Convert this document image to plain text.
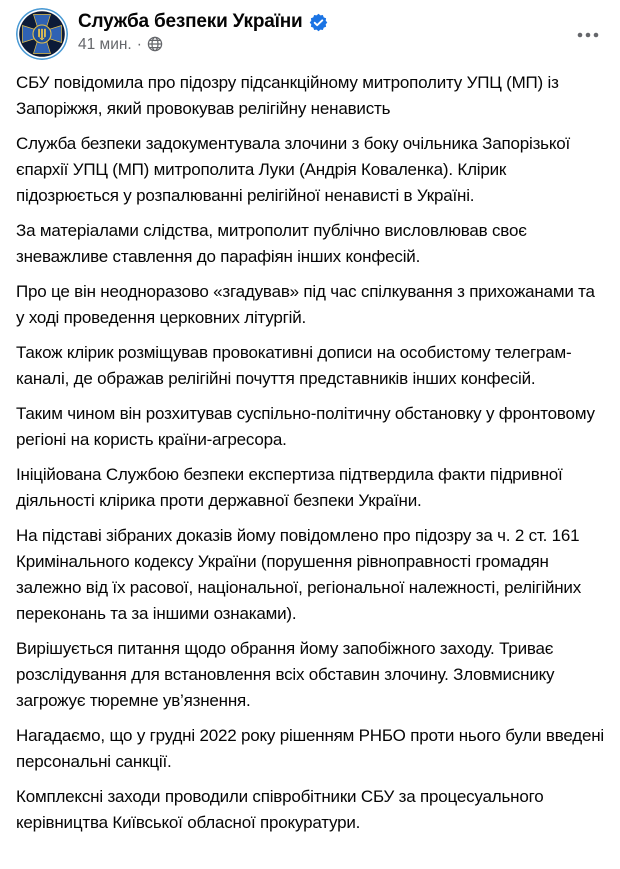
Служба безпеки України
41 мин. ·

СБУ повідомила про підозру підсанкційному митрополиту УПЦ (МП) із Запоріжжя, який провокував релігійну ненависть

Служба безпеки задокументувала злочини з боку очільника Запорізької єпархії УПЦ (МП) митрополита Луки (Андрія Коваленка). Клірик підозрюється у розпалюванні релігійної ненависті в Україні.

За матеріалами слідства, митрополит публічно висловлював своє зневажливе ставлення до парафіян інших конфесій.

Про це він неодноразово «згадував» під час спілкування з прихожанами та у ході проведення церковних літургій.

Також клірик розміщував провокативні дописи на особистому телеграм-каналі, де ображав релігійні почуття представників інших конфесій.

Таким чином він розхитував суспільно-політичну обстановку у фронтовому регіоні на користь країни-агресора.

Ініційована Службою безпеки експертиза підтвердила факти підривної діяльності клірика проти державної безпеки України.

На підставі зібраних доказів йому повідомлено про підозру за ч. 2 ст. 161 Кримінального кодексу України (порушення рівноправності громадян залежно від їх расової, національної, регіональної належності, релігійних переконань та за іншими ознаками).

Вирішується питання щодо обрання йому запобіжного заходу. Триває розслідування для встановлення всіх обставин злочину. Зловмиснику загрожує тюремне ув’язнення.

Нагадаємо, що у грудні 2022 року рішенням РНБО проти нього були введені персональні санкції.

Комплексні заходи проводили співробітники СБУ за процесуального керівництва Київської обласної прокуратури.
